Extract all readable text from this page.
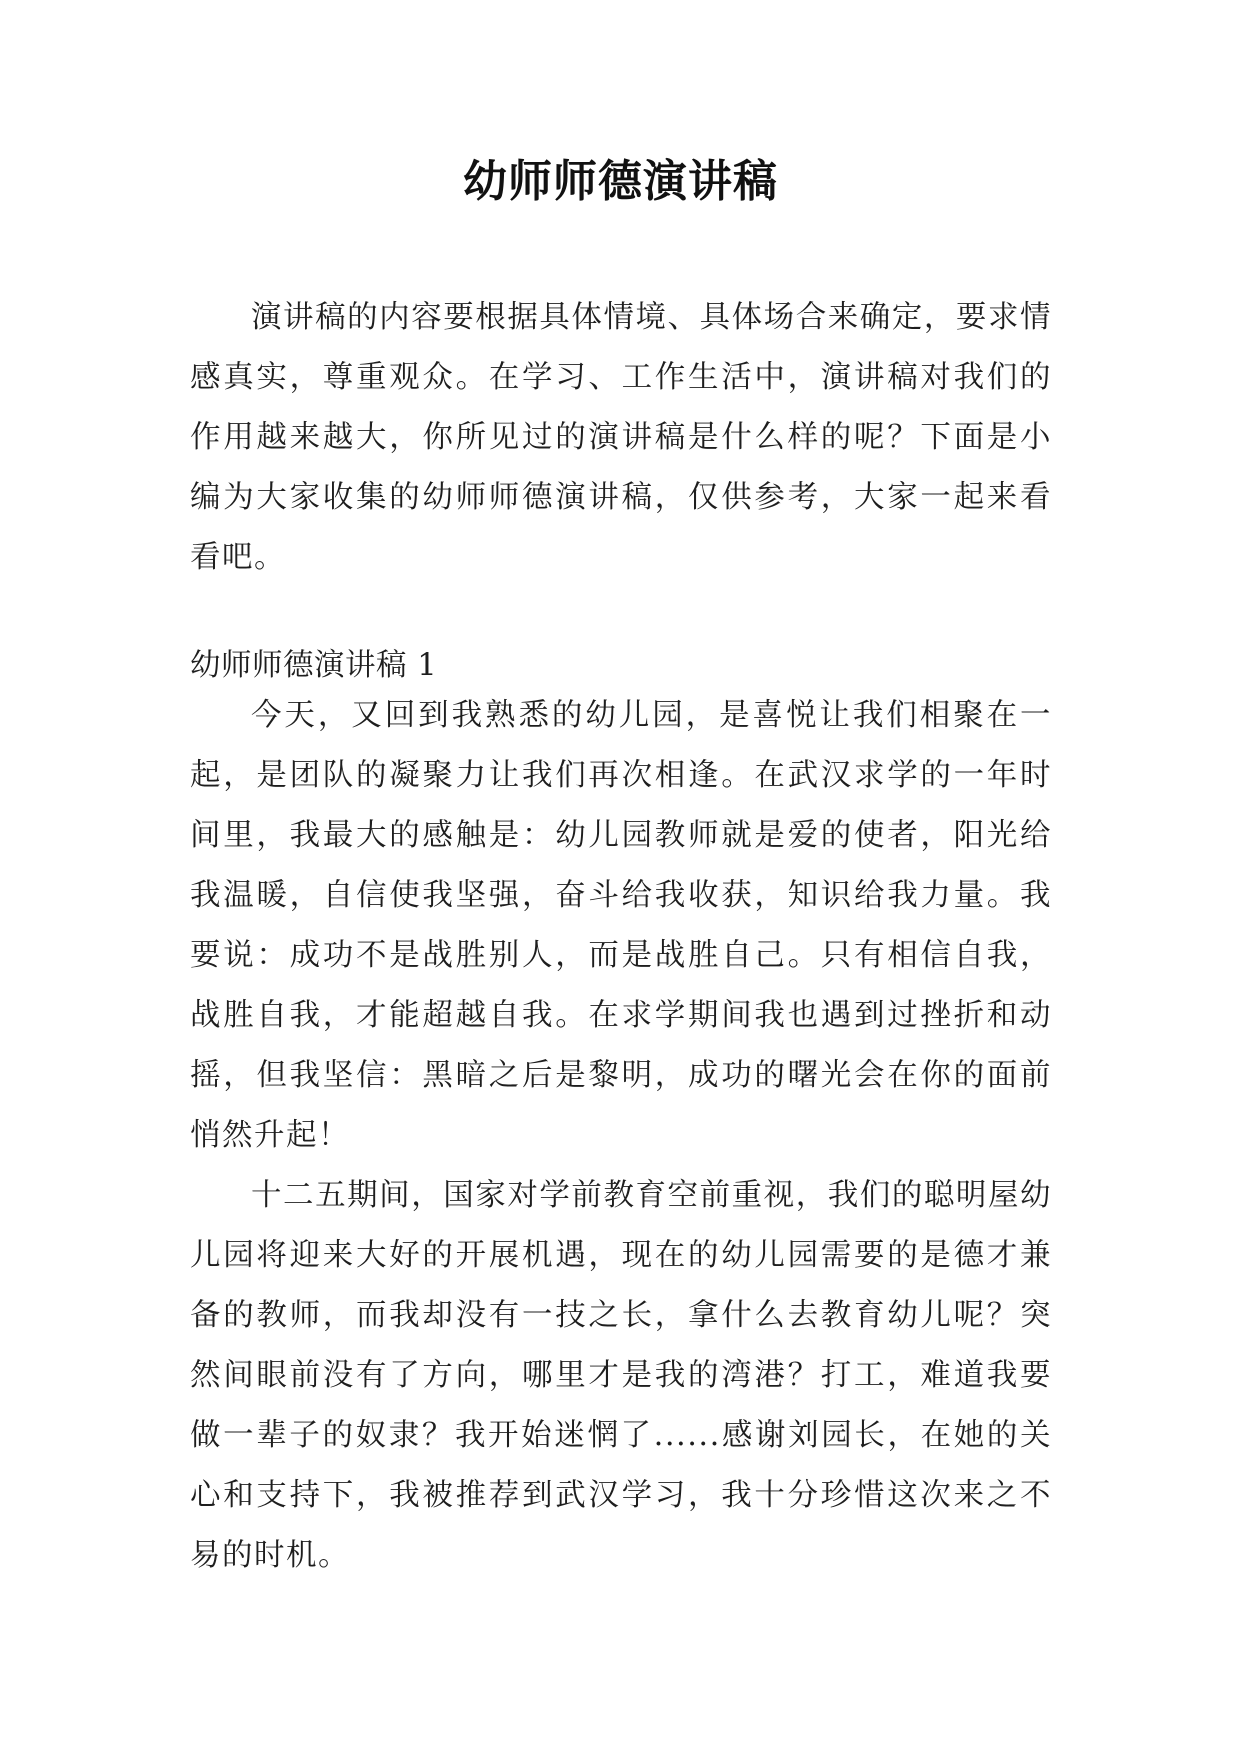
幼师师德演讲稿

演讲稿的内容要根据具体情境、具体场合来确定，要求情感真实，尊重观众。在学习、工作生活中，演讲稿对我们的作用越来越大，你所见过的演讲稿是什么样的呢？下面是小编为大家收集的幼师师德演讲稿，仅供参考，大家一起来看看吧。

幼师师德演讲稿 1

今天，又回到我熟悉的幼儿园，是喜悦让我们相聚在一起，是团队的凝聚力让我们再次相逢。在武汉求学的一年时间里，我最大的感触是：幼儿园教师就是爱的使者，阳光给我温暖，自信使我坚强，奋斗给我收获，知识给我力量。我要说：成功不是战胜别人，而是战胜自己。只有相信自我，战胜自我，才能超越自我。在求学期间我也遇到过挫折和动摇，但我坚信：黑暗之后是黎明，成功的曙光会在你的面前悄然升起！

十二五期间，国家对学前教育空前重视，我们的聪明屋幼儿园将迎来大好的开展机遇，现在的幼儿园需要的是德才兼备的教师，而我却没有一技之长，拿什么去教育幼儿呢？突然间眼前没有了方向，哪里才是我的湾港？打工，难道我要做一辈子的奴隶？我开始迷惘了......感谢刘园长，在她的关心和支持下，我被推荐到武汉学习，我十分珍惜这次来之不易的时机。
